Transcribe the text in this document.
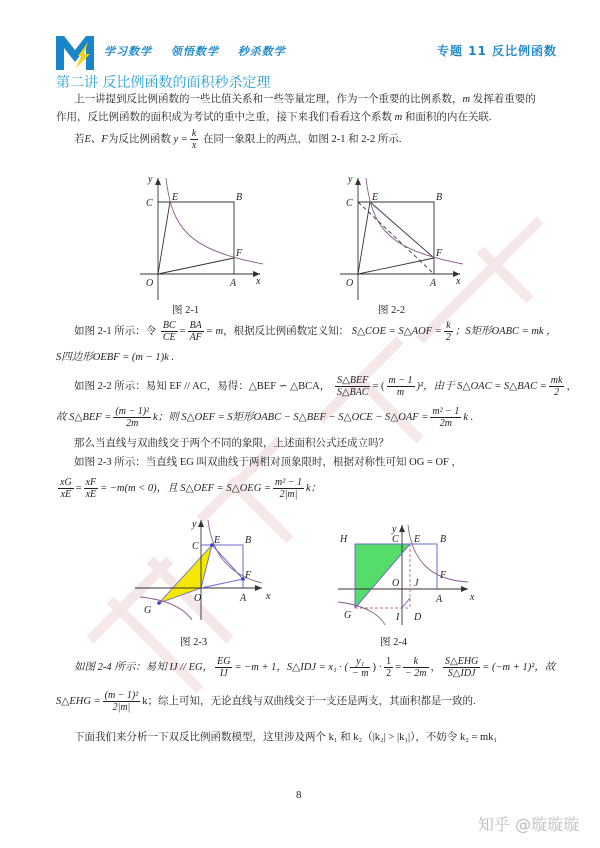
学习数学 领悟数学 秒杀数学	专题 11 反比例函数
第二讲 反比例函数的面积秒杀定理
上一讲提到反比例函数的一些比值关系和一些等量定理，作为一个重要的比例系数，m 发挥着重要的
作用，反比例函数的面积成为考试的重中之重，接下来我们看看这个系数 m 和面积的内在关联.
若E、F为反比例函数 $y = \frac{k}{x}$ 在同一象限上的两点，如图 2-1 和 2-2 所示.
y
x
O	A
B
C
E
F
图 2-1
y
x
O	A
B
C
E
F
图 2-2
如图 2-1 所示：令 $\frac{BC}{CE} = \frac{BA}{AF} = m$，根据反比例函数定义知： S△COE = S△AOF = $\frac{k}{2}$ ；S矩形OABC = mk ，
S四边形OEBF = (m − 1)k .
如图 2-2 所示：易知 EF // AC，易得：△BEF ∽ △BCA， $\frac{\text{S△BEF}}{\text{S△BAC}}$ = ( $\frac{m - 1}{m} )^2$，由于 S△OAC = S△BAC = $\frac{mk}{2}$ ，
故 S△BEF = $\frac{\text{(m − 1)²}}{2m}$ k；则 S△OEF = S矩形OABC − S△BEF − S△OCE − S△OAF = $\frac{\text{m² − 1}}{2m}$ k .
那么当直线与双曲线交于两个不同的象限，上述面积公式还成立吗？
如图 2-3 所示：当直线 EG 叫双曲线于两相对顶象限时，根据对称性可知 OG = OF ，
$\frac{xG}{xE} = \frac{xF}{xE} = -m(m < 0)$，且 S△OEF = S△OEG = $\frac{\text{m² − 1}}{2|m|}$ k；
y
x
C
E B
F
O	A
G
图 2-3
y
x
H	C E B
F
O J
A
G	I D
图 2-4
如图 2-4 所示：易知 IJ // EG， $\frac{EG}{IJ} = -m + 1$，S△IDJ = x₁ · ( $\frac{\text{y₁}}{- m}$ ) · $\frac{1}{2} = \frac{k}{- 2m}$ ， $\frac{\text{S△EHG}}{\text{S△IDJ}} = (-m + 1)^2$，故
S△EHG = $\frac{\text{(m − 1)²}}{2|m|}$ k；综上可知，无论直线与双曲线交于一支还是两支，其面积都是一致的.
下面我们来分析一下双反比例函数模型，这里涉及两个 k₁ 和 k₂（|k₂| > |k₁|），不妨令 k₂ = mk₁
8
知乎 @璇璇璇
